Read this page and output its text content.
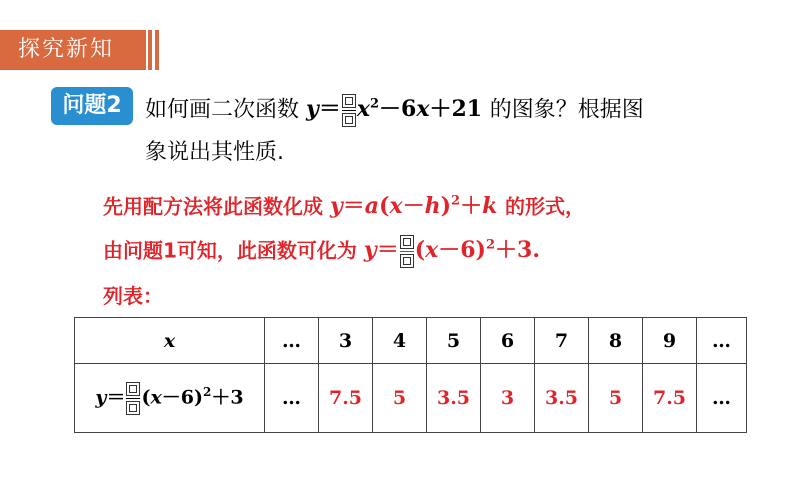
探究新知
问题2	如何画二次函数 $y= x^2-6x+21$ 的图象？根据图
象说出其性质.
先用配方法将此函数化成 $y=a(x-h)^2+k$ 的形式，
由问题1可知，此函数可化为 $y= (x-6)^2+3$.
列表：
x	…	3	4	5	6	7	8	9	…
$y= (x-6)^2+3$	…	7.5	5	3.5	3	3.5	5	7.5	…
